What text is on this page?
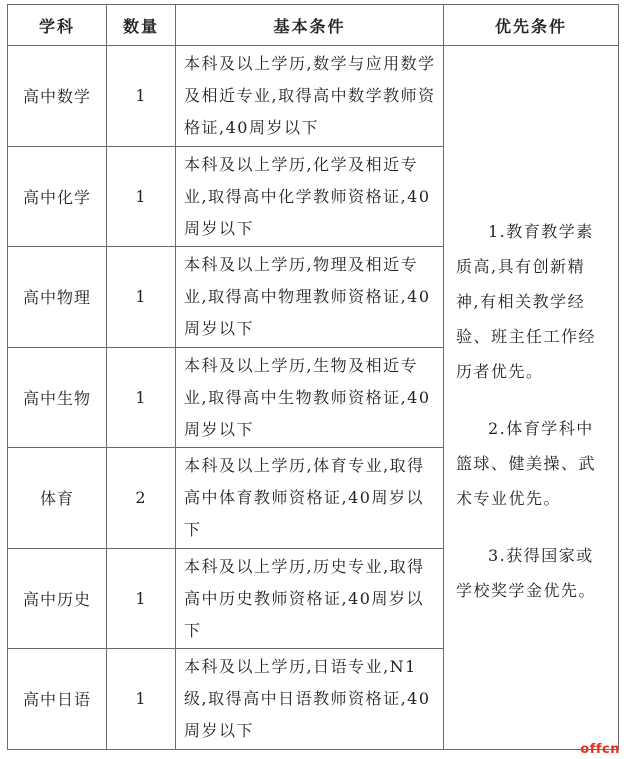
学科	数量	基本条件	优先条件
高中数学	1	本科及以上学历,数学与应用数学及相近专业,取得高中数学教师资格证,40周岁以下	1.教育教学素质高,具有创新精神,有相关教学经验、班主任工作经历者优先。
2.体育学科中篮球、健美操、武术专业优先。
3.获得国家或学校奖学金优先。

高中化学	1	本科及以上学历,化学及相近专业,取得高中化学教师资格证,40周岁以下	

高中物理	1	本科及以上学历,物理及相近专业,取得高中物理教师资格证,40周岁以下	

高中生物	1	本科及以上学历,生物及相近专业,取得高中生物教师资格证,40周岁以下	

体育	2	本科及以上学历,体育专业,取得高中体育教师资格证,40周岁以下	

高中历史	1	本科及以上学历,历史专业,取得高中历史教师资格证,40周岁以下	

高中日语	1	本科及以上学历,日语专业,N1级,取得高中日语教师资格证,40周岁以下	
offcn
